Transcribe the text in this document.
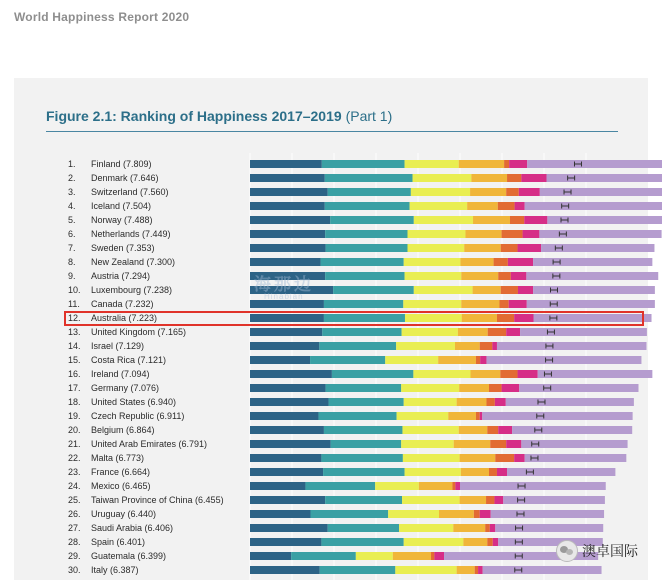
World Happiness Report 2020
Figure 2.1: Ranking of Happiness 2017–2019 (Part 1)
1. Finland (7.809)
2. Denmark (7.646)
3. Switzerland (7.560)
4. Iceland (7.504)
5. Norway (7.488)
6. Netherlands (7.449)
7. Sweden (7.353)
8. New Zealand (7.300)
9. Austria (7.294)
10. Luxembourg (7.238)
11. Canada (7.232)
12. Australia (7.223)
13. United Kingdom (7.165)
14. Israel (7.129)
15. Costa Rica (7.121)
16. Ireland (7.094)
17. Germany (7.076)
18. United States (6.940)
19. Czech Republic (6.911)
20. Belgium (6.864)
21. United Arab Emirates (6.791)
22. Malta (6.773)
23. France (6.664)
24. Mexico (6.465)
25. Taiwan Province of China (6.455)
26. Uruguay (6.440)
27. Saudi Arabia (6.406)
28. Spain (6.401)
29. Guatemala (6.399)
30. Italy (6.387)
海那边
Hinabian
澳卓国际
